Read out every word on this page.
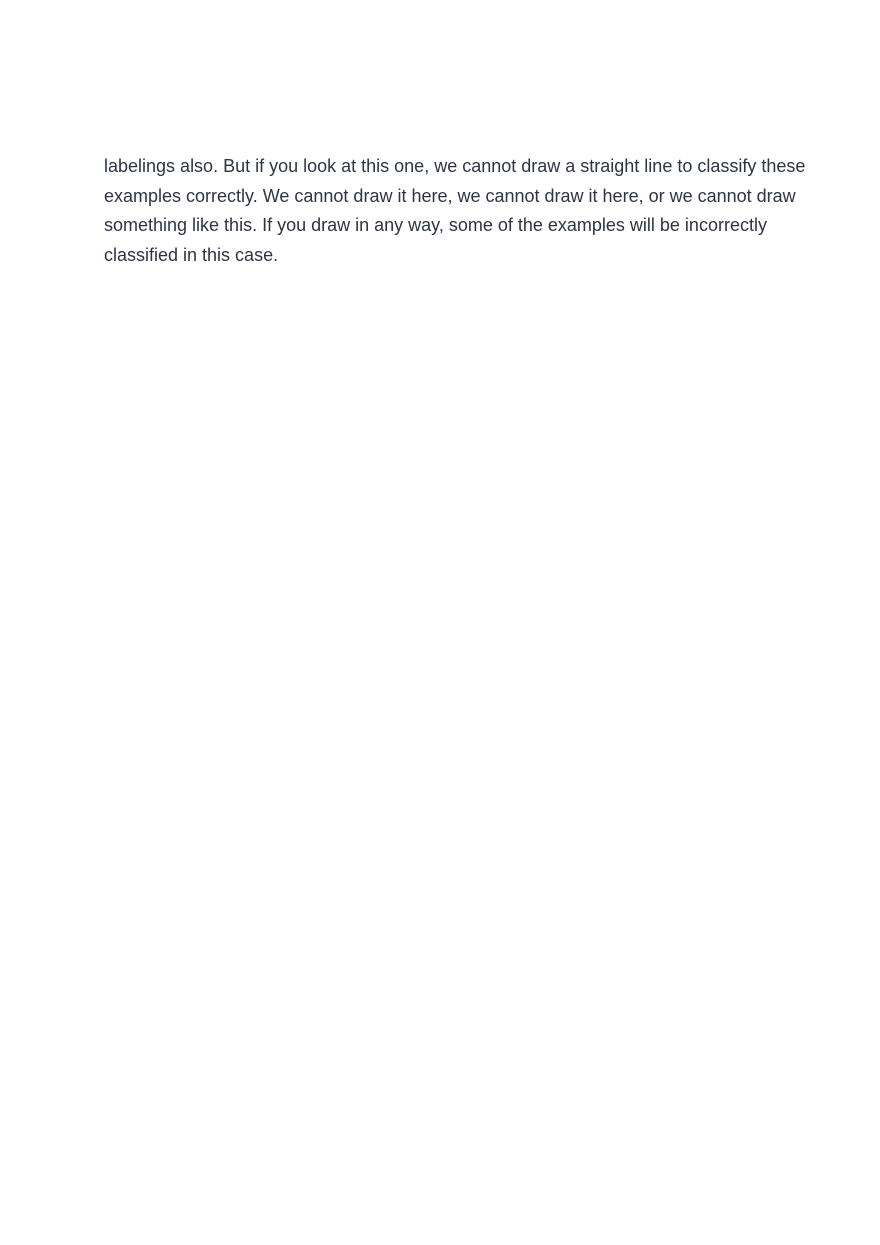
labelings also. But if you look at this one, we cannot draw a straight line to classify these
examples correctly. We cannot draw it here, we cannot draw it here, or we cannot draw
something like this. If you draw in any way, some of the examples will be incorrectly
classified in this case.
